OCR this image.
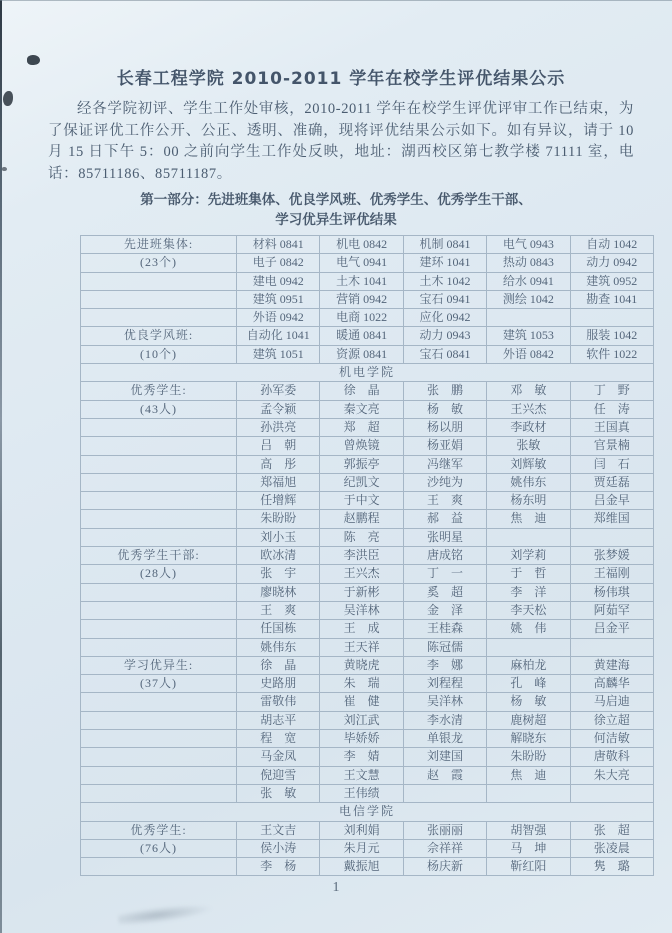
长春工程学院 2010-2011 学年在校学生评优结果公示

经各学院初评、学生工作处审核，2010-2011 学年在校学生评优评审工作已结束，为了保证评优工作公开、公正、透明、准确，现将评优结果公示如下。如有异议，请于 10 月 15 日下午 5：00 之前向学生工作处反映，地址：湖西校区第七教学楼 71111 室，电话：85711186、85711187。

第一部分：先进班集体、优良学风班、优秀学生、优秀学生干部、
学习优异生评优结果
先进班集体:	材料 0841	机电 0842	机制 0841	电气 0943	自动 1042
(23个)	电子 0842	电气 0941	建环 1041	热动 0843	动力 0942
	建电 0942	土木 1041	土木 1042	给水 0941	建筑 0952
	建筑 0951	营销 0942	宝石 0941	测绘 1042	勘查 1041
	外语 0942	电商 1022	应化 0942		
优良学风班:	自动化 1041	暖通 0841	动力 0943	建筑 1053	服装 1042
(10个)	建筑 1051	资源 0841	宝石 0841	外语 0842	软件 1022
机电学院					
优秀学生:	孙军委	徐　晶	张　鹏	邓　敏	丁　野
(43人)	孟令颖	秦文亮	杨　敏	王兴杰	任　涛
	孙洪亮	郑　超	杨以朋	李政材	王国真
	吕　朝	曾焕镜	杨亚娟	张敏	官景楠
	高　彤	郭振亭	冯继军	刘辉敏	闫　石
	郑福旭	纪凯文	沙纯为	姚伟东	贾廷磊
	任增辉	于中文	王　爽	杨东明	吕金早
	朱盼盼	赵鹏程	郝　益	焦　迪	郑维国
	刘小玉	陈　亮	张明星		
优秀学生干部:	欧冰清	李洪臣	唐成铭	刘学莉	张梦媛
(28人)	张　宇	王兴杰	丁　一	于　哲	王福刚
	廖晓林	于新彬	奚　超	李　洋	杨伟琪
	王　爽	吴洋林	金　泽	李天松	阿茹罕
	任国栋	王　成	王桂森	姚　伟	吕金平
	姚伟东	王天祥	陈冠儒		
学习优异生:	徐　晶	黄晓虎	李　娜	麻柏龙	黄建海
(37人)	史路朋	朱　瑞	刘程程	孔　峰	高麟华
	雷敬伟	崔　健	吴洋林	杨　敏	马启迪
	胡志平	刘江武	李水清	鹿树超	徐立超
	程　宽	毕娇娇	单银龙	解晓东	何洁敏
	马金凤	李　婧	刘建国	朱盼盼	唐敬科
	倪迎雪	王文慧	赵　霞	焦　迪	朱大亮
	张　敏	王伟绩			
电信学院					
优秀学生:	王文吉	刘利娟	张丽丽	胡智强	张　超
(76人)	侯小涛	朱月元	佘祥祥	马　坤	张凌晨
	李　杨	戴振旭	杨庆新	靳红阳	隽　璐
1
